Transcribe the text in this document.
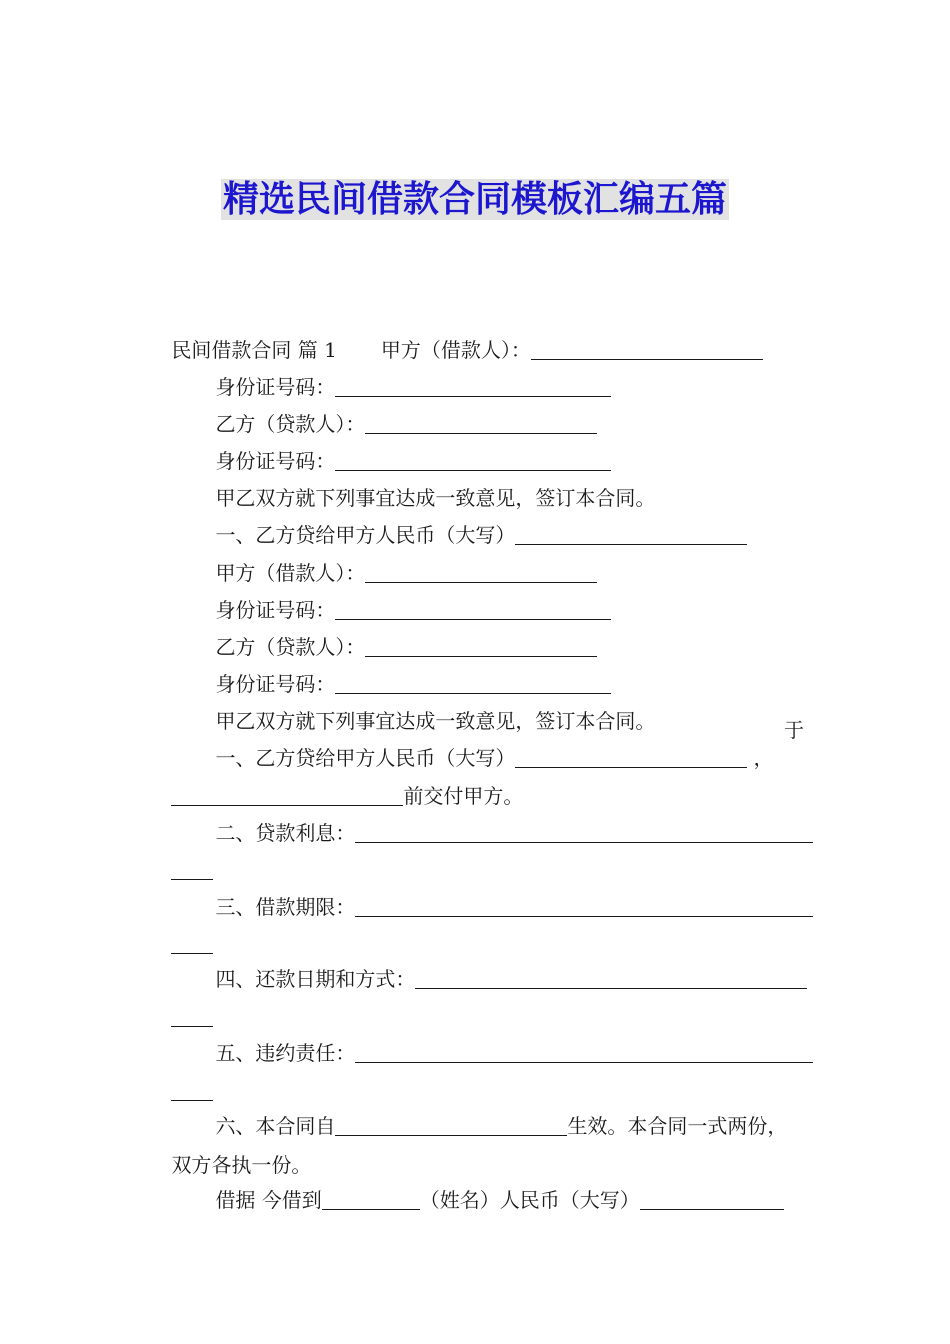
精选民间借款合同模板汇编五篇

民间借款合同 篇 1 甲方（借款人）：

身份证号码：

乙方（贷款人）：

身份证号码：

甲乙双方就下列事宜达成一致意见，签订本合同。

一、乙方贷给甲方人民币（大写）

甲方（借款人）：

身份证号码：

乙方（贷款人）：

身份证号码：

甲乙双方就下列事宜达成一致意见，签订本合同。

一、乙方贷给甲方人民币（大写）	，

于

前交付甲方。

二、贷款利息：

三、借款期限：

四、还款日期和方式：

五、违约责任：

六、本合同自	生效。本合同一式两份，

双方各执一份。

借据 今借到	（姓名）人民币（大写）
